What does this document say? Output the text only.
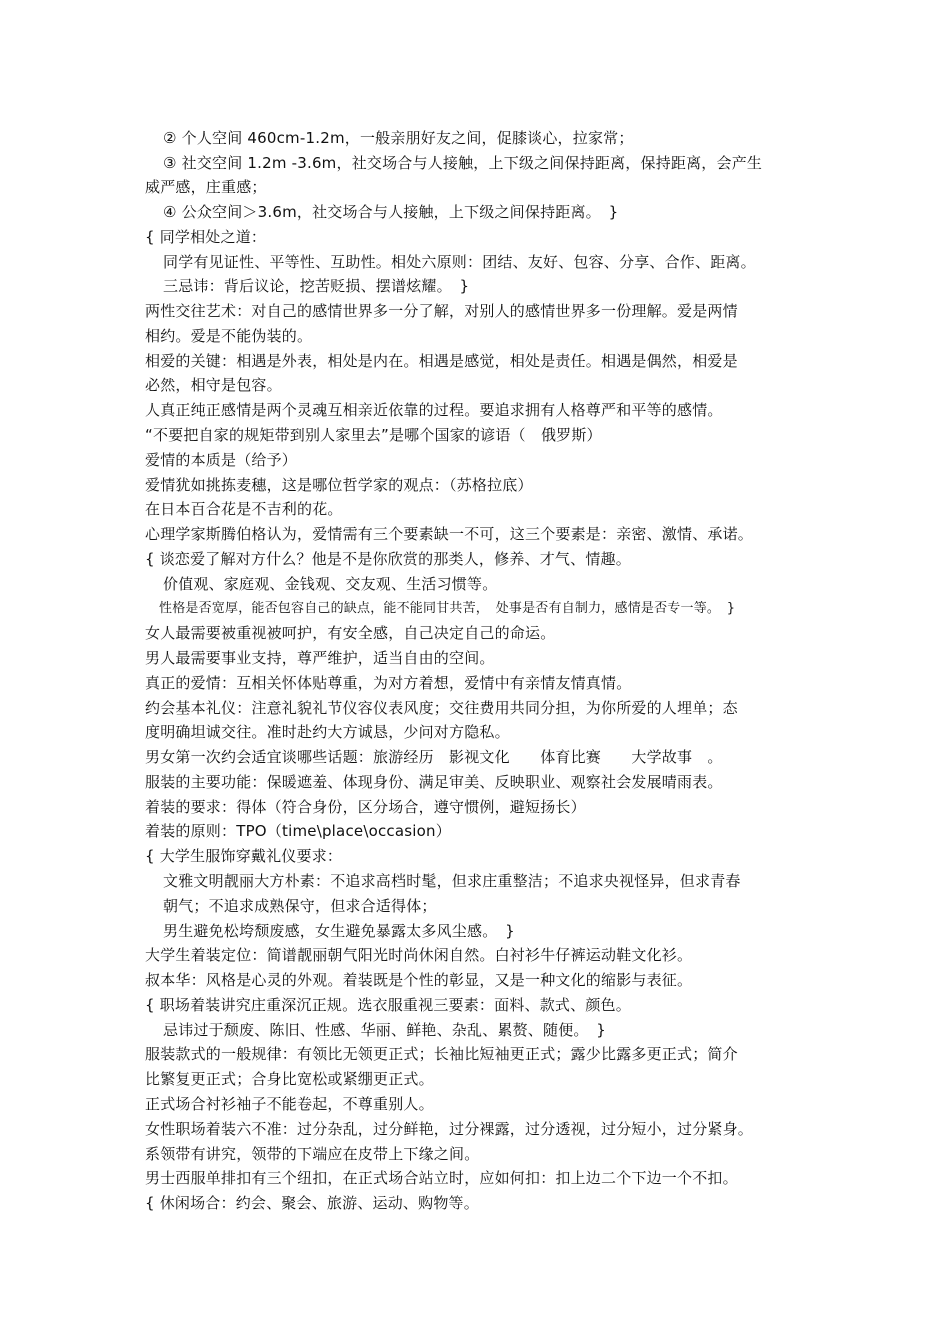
② 个人空间 460cm-1.2m，一般亲朋好友之间，促膝谈心，拉家常；
③ 社交空间 1.2m -3.6m，社交场合与人接触，上下级之间保持距离，保持距离，会产生
威严感，庄重感；
④ 公众空间＞3.6m，社交场合与人接触，上下级之间保持距离。　}
{ 同学相处之道：
同学有见证性、平等性、互助性。相处六原则：团结、友好、包容、分享、合作、距离。
三忌讳：背后议论，挖苦贬损、摆谱炫耀。　}
两性交往艺术：对自己的感情世界多一分了解，对别人的感情世界多一份理解。爱是两情
相约。爱是不能伪装的。
相爱的关键：相遇是外表，相处是内在。相遇是感觉，相处是责任。相遇是偶然，相爱是
必然，相守是包容。
人真正纯正感情是两个灵魂互相亲近依靠的过程。要追求拥有人格尊严和平等的感情。
“不要把自家的规矩带到别人家里去”是哪个国家的谚语（　俄罗斯）
爱情的本质是（给予）
爱情犹如挑拣麦穗，这是哪位哲学家的观点：（苏格拉底）
在日本百合花是不吉利的花。
心理学家斯腾伯格认为，爱情需有三个要素缺一不可，这三个要素是：亲密、激情、承诺。
{ 谈恋爱了解对方什么？他是不是你欣赏的那类人，修养、才气、情趣。
价值观、家庭观、金钱观、交友观、生活习惯等。
性格是否宽厚，能否包容自己的缺点，能不能同甘共苦，　处事是否有自制力，感情是否专一等。　}
女人最需要被重视被呵护，有安全感，自己决定自己的命运。
男人最需要事业支持，尊严维护，适当自由的空间。
真正的爱情：互相关怀体贴尊重，为对方着想，爱情中有亲情友情真情。
约会基本礼仪：注意礼貌礼节仪容仪表风度；交往费用共同分担，为你所爱的人埋单；态
度明确坦诚交往。准时赴约大方诚恳，少问对方隐私。
男女第一次约会适宜谈哪些话题：旅游经历　影视文化　　体育比赛　　大学故事　。
服装的主要功能：保暖遮羞、体现身份、满足审美、反映职业、观察社会发展晴雨表。
着装的要求：得体（符合身份，区分场合，遵守惯例，避短扬长）
着装的原则：TPO（time\place\occasion）
{ 大学生服饰穿戴礼仪要求：
文雅文明靓丽大方朴素：不追求高档时髦，但求庄重整洁；不追求央视怪异，但求青春
朝气；不追求成熟保守，但求合适得体；
男生避免松垮颓废感，女生避免暴露太多风尘感。　}
大学生着装定位：简谱靓丽朝气阳光时尚休闲自然。白衬衫牛仔裤运动鞋文化衫。
叔本华：风格是心灵的外观。着装既是个性的彰显，又是一种文化的缩影与表征。
{ 职场着装讲究庄重深沉正规。选衣服重视三要素：面料、款式、颜色。
忌讳过于颓废、陈旧、性感、华丽、鲜艳、杂乱、累赘、随便。　}
服装款式的一般规律：有领比无领更正式；长袖比短袖更正式；露少比露多更正式；简介
比繁复更正式；合身比宽松或紧绷更正式。
正式场合衬衫袖子不能卷起，不尊重别人。
女性职场着装六不准：过分杂乱，过分鲜艳，过分裸露，过分透视，过分短小，过分紧身。
系领带有讲究，领带的下端应在皮带上下缘之间。
男士西服单排扣有三个纽扣，在正式场合站立时，应如何扣：扣上边二个下边一个不扣。
{ 休闲场合：约会、聚会、旅游、运动、购物等。
